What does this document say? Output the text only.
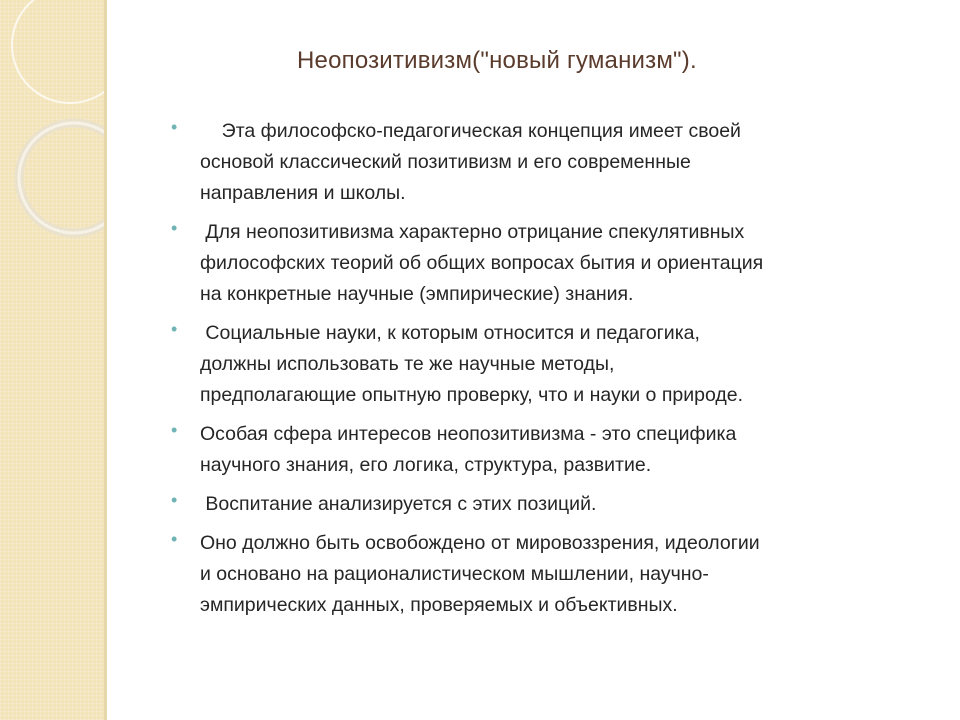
Неопозитивизм("новый гуманизм").
• Эта философско-педагогическая концепция имеет своей
основой классический позитивизм и его современные
направления и школы.
• Для неопозитивизма характерно отрицание спекулятивных
философских теорий об общих вопросах бытия и ориентация
на конкретные научные (эмпирические) знания.
• Социальные науки, к которым относится и педагогика,
должны использовать те же научные методы,
предполагающие опытную проверку, что и науки о природе.
• Особая сфера интересов неопозитивизма - это специфика
научного знания, его логика, структура, развитие.
• Воспитание анализируется с этих позиций.
• Оно должно быть освобождено от мировоззрения, идеологии
и основано на рационалистическом мышлении, научно-
эмпирических данных, проверяемых и объективных.
